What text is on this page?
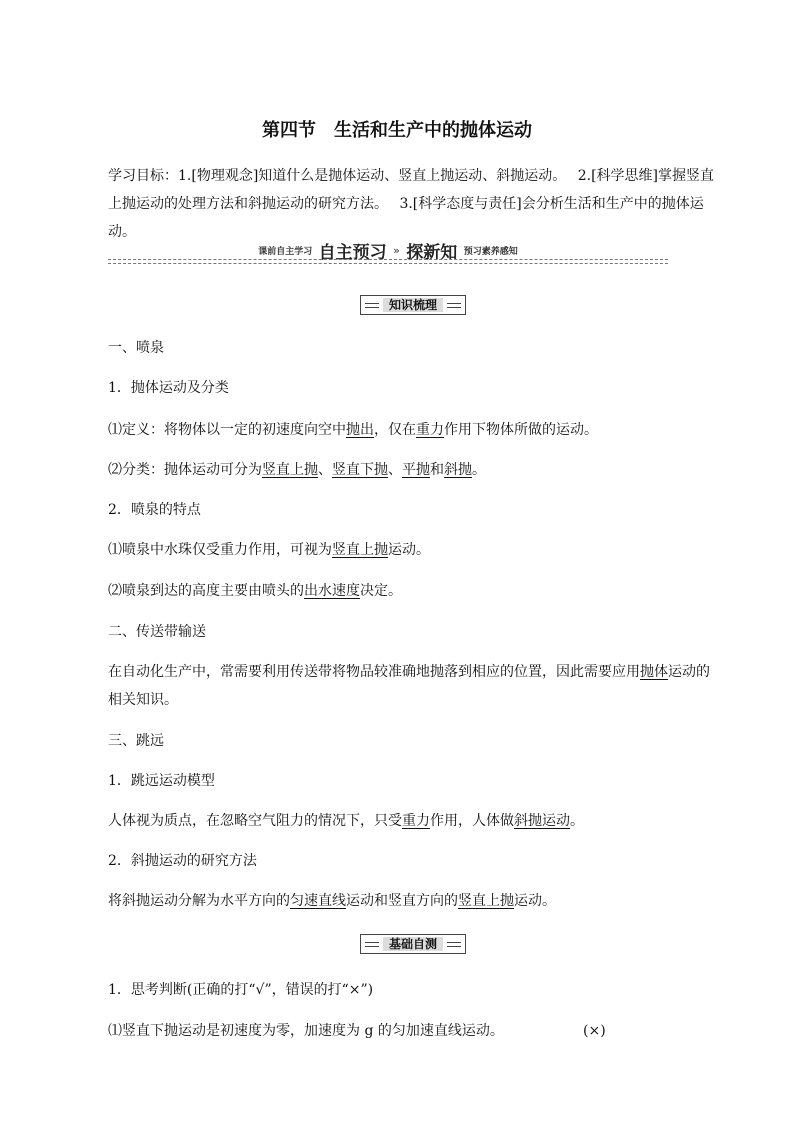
第四节　生活和生产中的抛体运动
学习目标：1.[物理观念]知道什么是抛体运动、竖直上抛运动、斜抛运动。　 2.[科学思维]掌握竖直上抛运动的处理方法和斜抛运动的研究方法。　 3.[科学态度与责任]会分析生活和生产中的抛体运动。
课前自主学习 自主预习 » 探新知 预习素养感知
知识梳理
一、喷泉
1．抛体运动及分类
⑴定义：将物体以一定的初速度向空中抛出，仅在重力作用下物体所做的运动。
⑵分类：抛体运动可分为竖直上抛、竖直下抛、平抛和斜抛。
2．喷泉的特点
⑴喷泉中水珠仅受重力作用，可视为竖直上抛运动。
⑵喷泉到达的高度主要由喷头的出水速度决定。
二、传送带输送
在自动化生产中，常需要利用传送带将物品较准确地抛落到相应的位置，因此需要应用抛体运动的相关知识。
三、跳远
1．跳远运动模型
人体视为质点，在忽略空气阻力的情况下，只受重力作用，人体做斜抛运动。
2．斜抛运动的研究方法
将斜抛运动分解为水平方向的匀速直线运动和竖直方向的竖直上抛运动。
基础自测
1．思考判断(正确的打“√”，错误的打“×”)
⑴竖直下抛运动是初速度为零，加速度为 g 的匀加速直线运动。	(×)
